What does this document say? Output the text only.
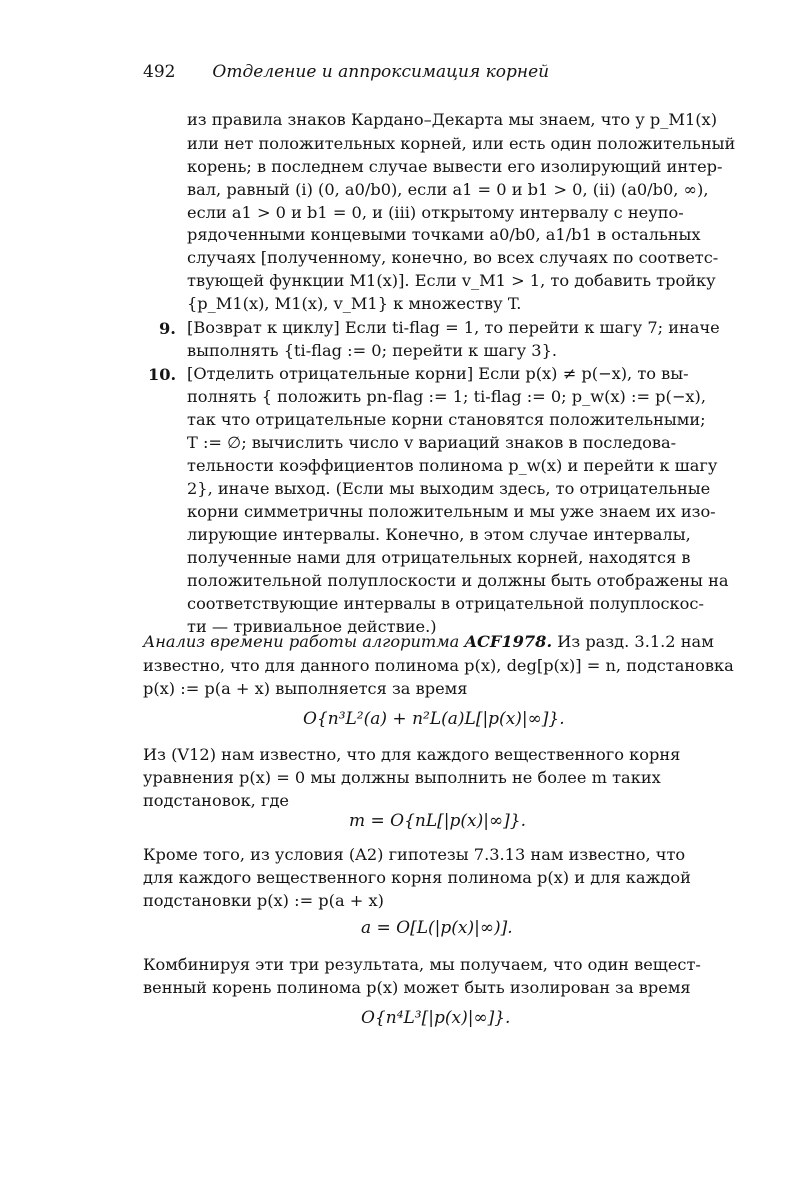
492 Отделение и аппроксимация корней
из правила знаков Кардано–Декарта мы знаем, что у p_M1(x)
или нет положительных корней, или есть один положительный
корень; в последнем случае вывести его изолирующий интер-
вал, равный (i) (0, a0/b0), если a1 = 0 и b1 > 0, (ii) (a0/b0, ∞),
если a1 > 0 и b1 = 0, и (iii) открытому интервалу с неупо-
рядоченными концевыми точками a0/b0, a1/b1 в остальных
случаях [полученному, конечно, во всех случаях по соответс-
твующей функции M1(x)]. Если v_M1 > 1, то добавить тройку
{p_M1(x), M1(x), v_M1} к множеству T.
9. [Возврат к циклу] Если ti-flag = 1, то перейти к шагу 7; иначе
выполнять {ti-flag := 0; перейти к шагу 3}.
10. [Отделить отрицательные корни] Если p(x) ≠ p(−x), то вы-
полнять { положить pn-flag := 1; ti-flag := 0; p_w(x) := p(−x),
так что отрицательные корни становятся положительными;
T := ∅; вычислить число v вариаций знаков в последова-
тельности коэффициентов полинома p_w(x) и перейти к шагу
2}, иначе выход. (Если мы выходим здесь, то отрицательные
корни симметричны положительным и мы уже знаем их изо-
лирующие интервалы. Конечно, в этом случае интервалы,
полученные нами для отрицательных корней, находятся в
положительной полуплоскости и должны быть отображены на
соответствующие интервалы в отрицательной полуплоскос-
ти — тривиальное действие.)
Анализ времени работы алгоритма ACF1978. Из разд. 3.1.2 нам
известно, что для данного полинома p(x), deg[p(x)] = n, подстановка
p(x) := p(a + x) выполняется за время
O{n³L²(a) + n²L(a)L[|p(x)|∞]}.
Из (V12) нам известно, что для каждого вещественного корня
уравнения p(x) = 0 мы должны выполнить не более m таких
подстановок, где
m = O{nL[|p(x)|∞]}.
Кроме того, из условия (A2) гипотезы 7.3.13 нам известно, что
для каждого вещественного корня полинома p(x) и для каждой
подстановки p(x) := p(a + x)
a = O[L(|p(x)|∞)].
Комбинируя эти три результата, мы получаем, что один вещест-
венный корень полинома p(x) может быть изолирован за время
O{n⁴L³[|p(x)|∞]}.
